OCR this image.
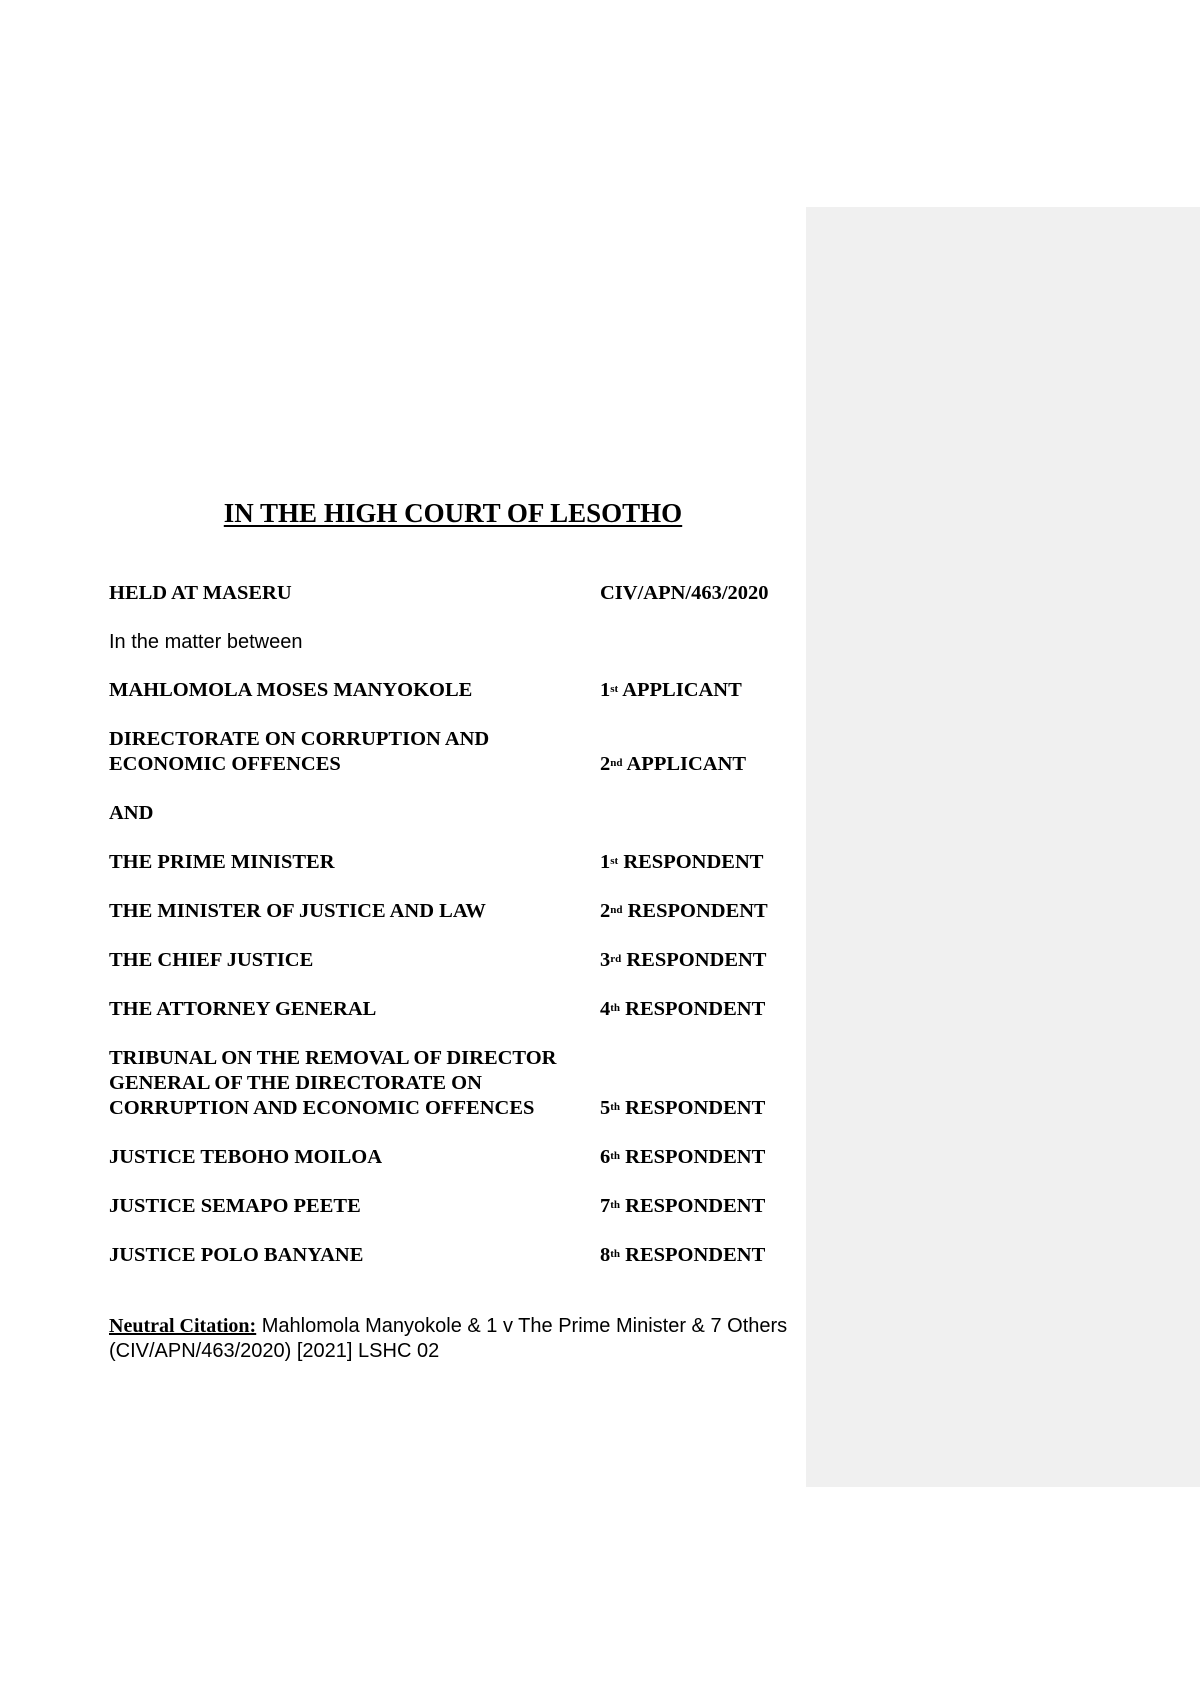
IN THE HIGH COURT OF LESOTHO
HELD AT MASERU	CIV/APN/463/2020
In the matter between
MAHLOMOLA MOSES MANYOKOLE	1st APPLICANT
DIRECTORATE ON CORRUPTION AND
ECONOMIC OFFENCES	2nd APPLICANT
AND
THE PRIME MINISTER	1st RESPONDENT
THE MINISTER OF JUSTICE AND LAW	2nd RESPONDENT
THE CHIEF JUSTICE	3rd RESPONDENT
THE ATTORNEY GENERAL	4th RESPONDENT
TRIBUNAL ON THE REMOVAL OF DIRECTOR
GENERAL OF THE DIRECTORATE ON
CORRUPTION AND ECONOMIC OFFENCES	5th RESPONDENT
JUSTICE TEBOHO MOILOA	6th RESPONDENT
JUSTICE SEMAPO PEETE	7th RESPONDENT
JUSTICE POLO BANYANE	8th RESPONDENT
Neutral Citation: Mahlomola Manyokole & 1 v The Prime Minister & 7 Others (CIV/APN/463/2020) [2021] LSHC 02
